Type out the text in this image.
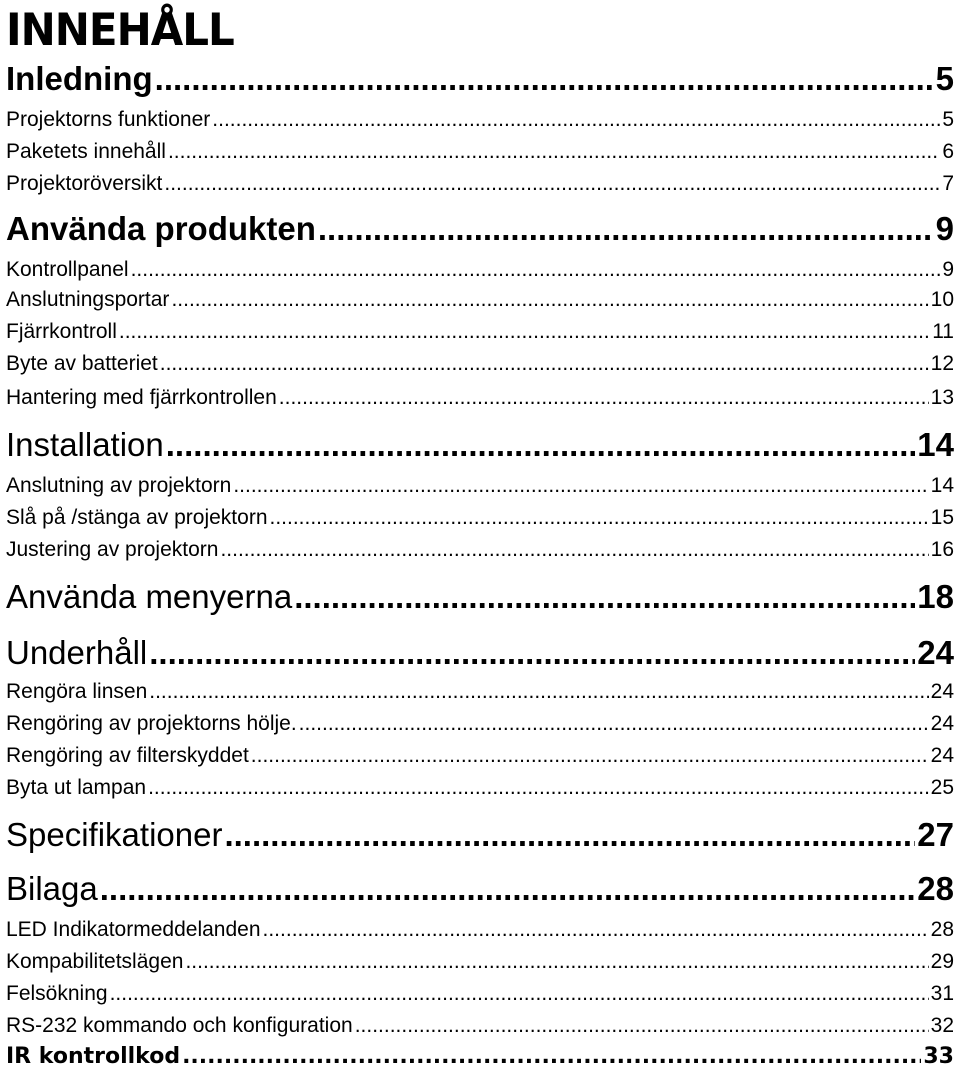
INNEHÅLL
Inledning .....	5
Projektorns funktioner .....	5
Paketets innehåll .....	6
Projektoröversikt .....	7
Använda produkten .....	9
Kontrollpanel .....	9
Anslutningsportar .....	10
Fjärrkontroll .....	11
Byte av batteriet .....	12
Hantering med fjärrkontrollen .....	13
Installation .....	14
Anslutning av projektorn .....	14
Slå på /stänga av projektorn .....	15
Justering av projektorn .....	16
Använda menyerna .....	18
Underhåll .....	24
Rengöra linsen .....	24
Rengöring av projektorns hölje. .....	24
Rengöring av filterskyddet .....	24
Byta ut lampan .....	25
Specifikationer .....	27
Bilaga .....	28
LED Indikatormeddelanden .....	28
Kompabilitetslägen .....	29
Felsökning .....	31
RS-232 kommando och konfiguration .....	32
IR kontrollkod .....	33
